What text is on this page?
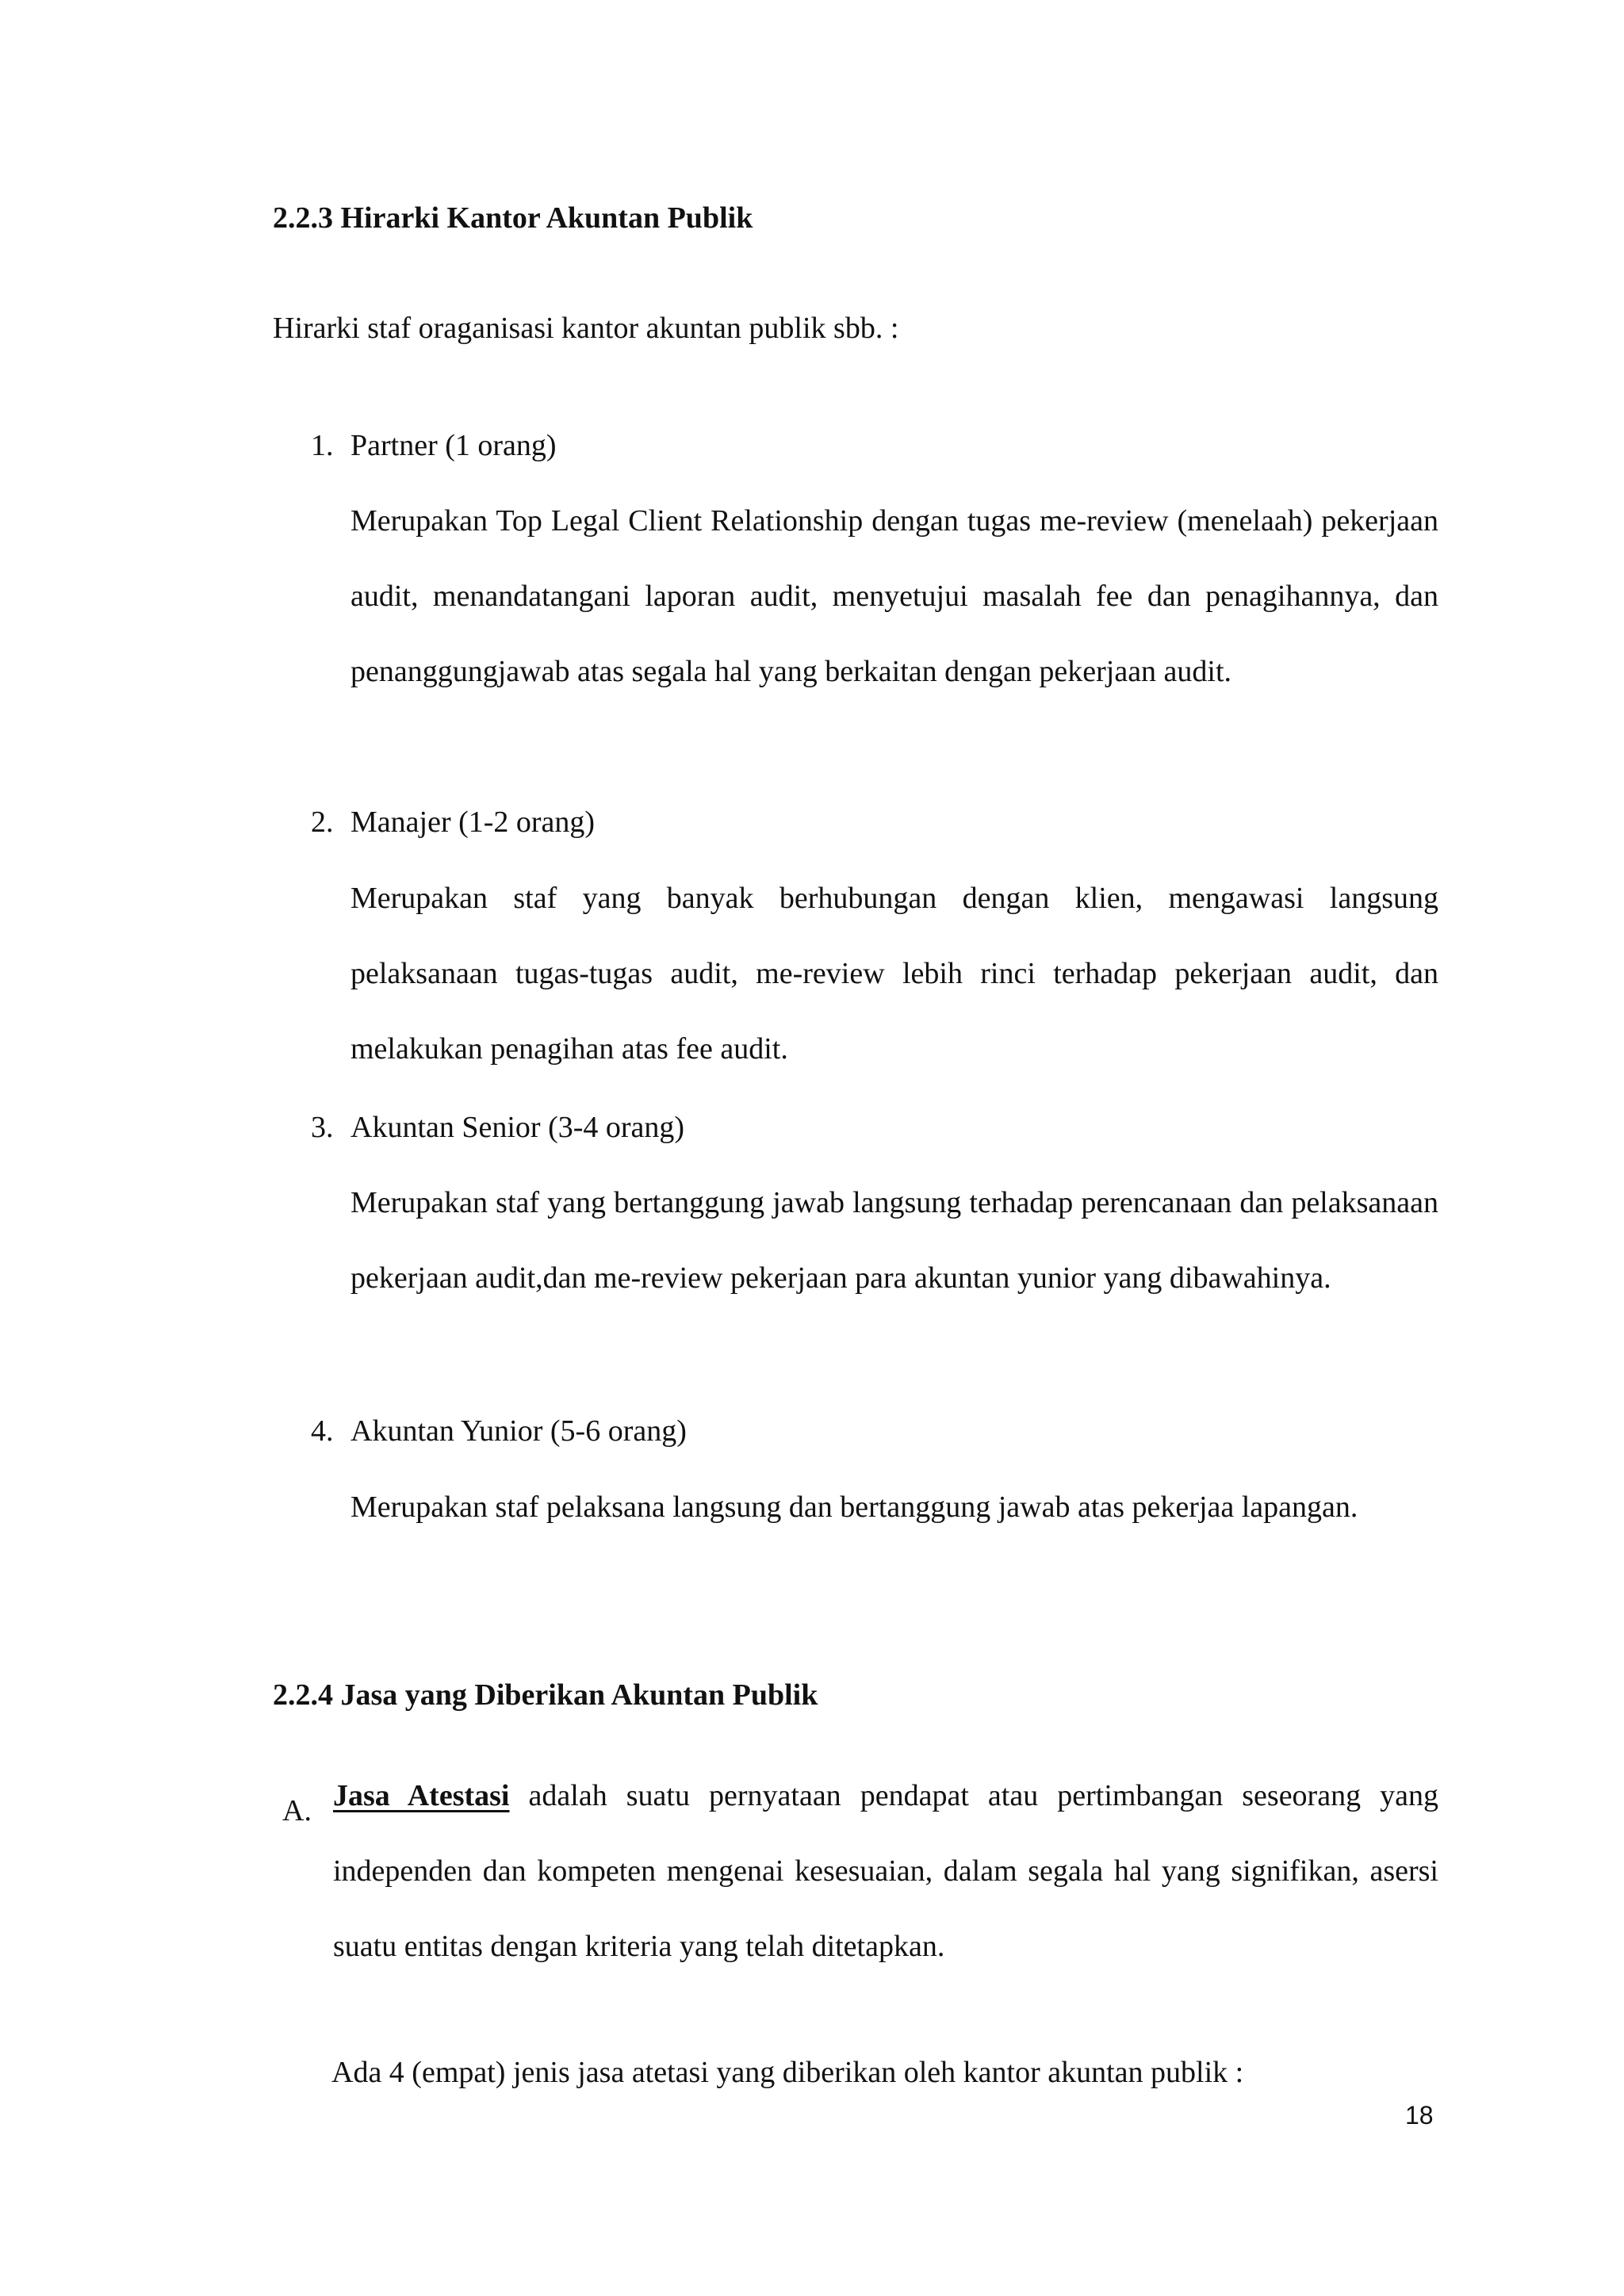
2.2.3 Hirarki Kantor Akuntan Publik
Hirarki staf oraganisasi kantor akuntan publik sbb. :
1. Partner (1 orang)

Merupakan Top Legal Client Relationship dengan tugas me-review (menelaah) pekerjaan audit, menandatangani laporan audit, menyetujui masalah fee dan penagihannya, dan penanggungjawab atas segala hal yang berkaitan dengan pekerjaan audit.

2. Manajer (1-2 orang)

Merupakan staf yang banyak berhubungan dengan klien, mengawasi langsung pelaksanaan tugas-tugas audit, me-review lebih rinci terhadap pekerjaan audit, dan melakukan penagihan atas fee audit.

3. Akuntan Senior (3-4 orang)

Merupakan staf yang bertanggung jawab langsung terhadap perencanaan dan pelaksanaan pekerjaan audit,dan me-review pekerjaan para akuntan yunior yang dibawahinya.

4. Akuntan Yunior (5-6 orang)

Merupakan staf pelaksana langsung dan bertanggung jawab atas pekerjaa lapangan.

2.2.4 Jasa yang Diberikan Akuntan Publik
A. Jasa Atestasi adalah suatu pernyataan pendapat atau pertimbangan seseorang yang independen dan kompeten mengenai kesesuaian, dalam segala hal yang signifikan, asersi suatu entitas dengan kriteria yang telah ditetapkan.

Ada 4 (empat) jenis jasa atetasi yang diberikan oleh kantor akuntan publik :
18
